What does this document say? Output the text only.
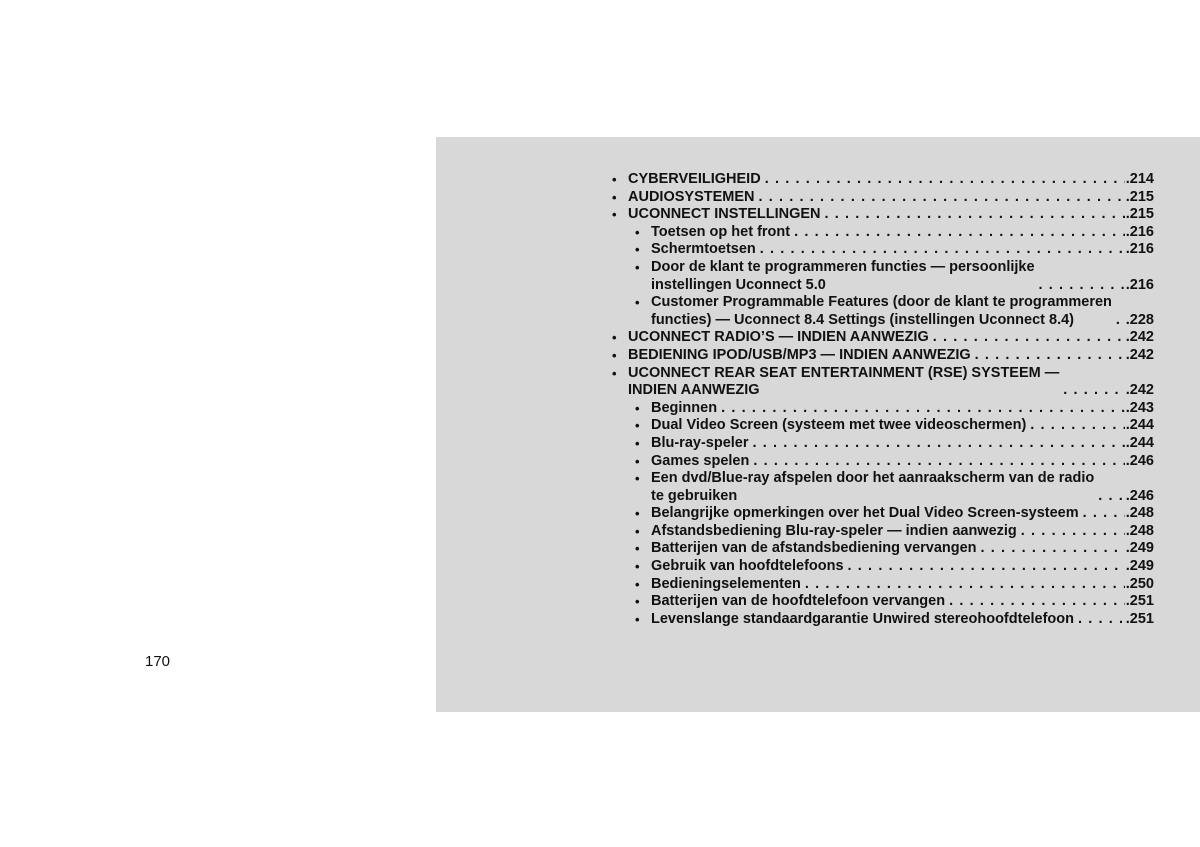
• CYBERVEILIGHEID . . .	.214
• AUDIOSYSTEMEN . . .	.215
• UCONNECT INSTELLINGEN . . .	.215
• Toetsen op het front . . .	.216
• Schermtoetsen . . .	.216
• Door de klant te programmeren functies — persoonlijke
instellingen Uconnect 5.0 . . .	.216
• Customer Programmable Features (door de klant te programmeren
functies) — Uconnect 8.4 Settings (instellingen Uconnect 8.4) . . .	.228
• UCONNECT RADIO’S — INDIEN AANWEZIG . . .	.242
• BEDIENING IPOD/USB/MP3 — INDIEN AANWEZIG . . .	.242
• UCONNECT REAR SEAT ENTERTAINMENT (RSE) SYSTEEM —
INDIEN AANWEZIG . . .	.242
• Beginnen . . .	.243
• Dual Video Screen (systeem met twee videoschermen) . . .	.244
• Blu-ray-speler . . .	.244
• Games spelen . . .	.246
• Een dvd/Blue-ray afspelen door het aanraakscherm van de radio
te gebruiken . . .	.246
• Belangrijke opmerkingen over het Dual Video Screen-systeem . . .	.248
• Afstandsbediening Blu-ray-speler — indien aanwezig . . .	.248
• Batterijen van de afstandsbediening vervangen . . .	.249
• Gebruik van hoofdtelefoons . . .	.249
• Bedieningselementen . . .	.250
• Batterijen van de hoofdtelefoon vervangen . . .	.251
• Levenslange standaardgarantie Unwired stereohoofdtelefoon . . .	.251
170
